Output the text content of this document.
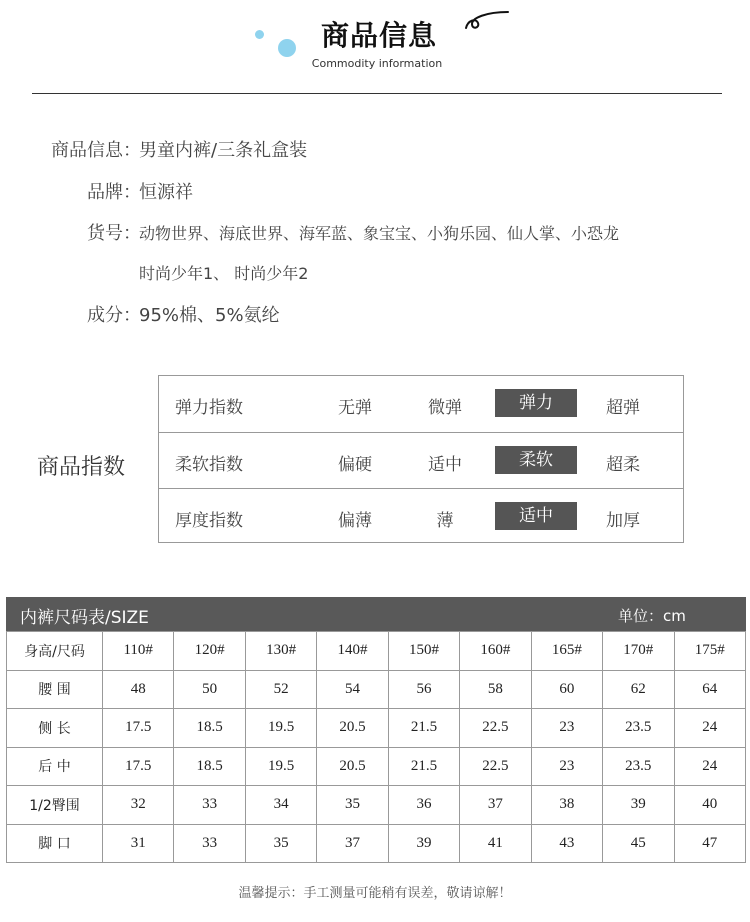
商品信息
Commodity information
商品信息：男童内裤/三条礼盒装
品牌：恒源祥
货号：动物世界、海底世界、海军蓝、象宝宝、小狗乐园、仙人掌、小恐龙
时尚少年1、 时尚少年2
成分：95%棉、5%氨纶
商品指数
弹力指数	无弹	微弹	弹力	超弹
柔软指数	偏硬	适中	柔软	超柔
厚度指数	偏薄	薄	适中	加厚
内裤尺码表/SIZE	单位：cm
身高/尺码	110#	120#	130#	140#	150#	160#	165#	170#	175#
腰 围	48	50	52	54	56	58	60	62	64
侧 长	17.5	18.5	19.5	20.5	21.5	22.5	23	23.5	24
后 中	17.5	18.5	19.5	20.5	21.5	22.5	23	23.5	24
1/2臀围	32	33	34	35	36	37	38	39	40
脚 口	31	33	35	37	39	41	43	45	47
温馨提示：手工测量可能稍有误差，敬请谅解！
